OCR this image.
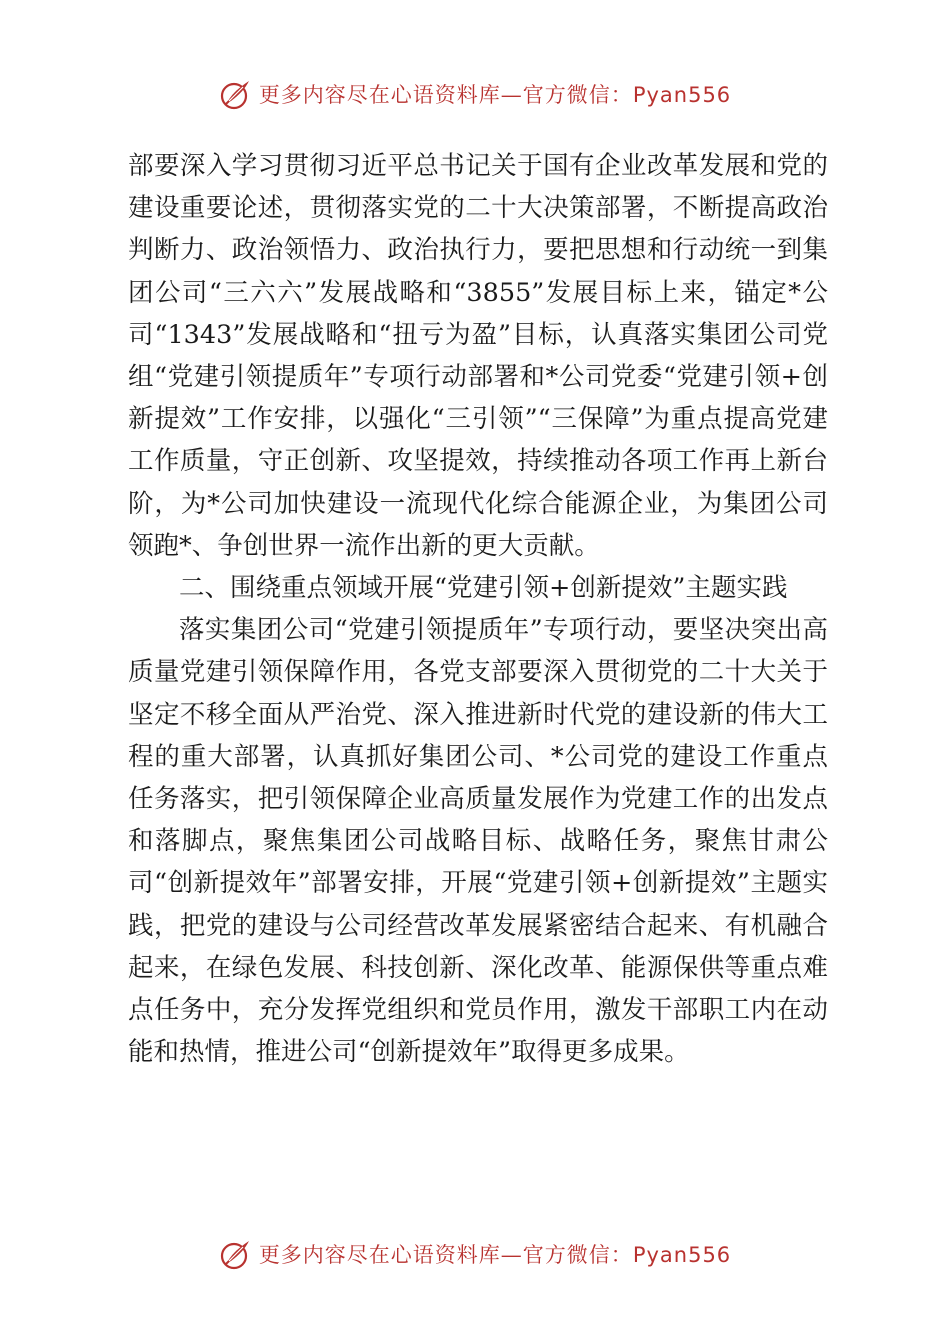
更多内容尽在心语资料库—官方微信：Pyan556

部要深入学习贯彻习近平总书记关于国有企业改革发展和党的建设重要论述，贯彻落实党的二十大决策部署，不断提高政治判断力、政治领悟力、政治执行力，要把思想和行动统一到集团公司“三六六”发展战略和“3855”发展目标上来，锚定*公 司“1343”发展战略和“扭亏为盈”目标，认真落实集团公司党组“党建引领提质年”专项行动部署和*公司党委“党建引领+创新提效”工作安排，以强化“三引领”“三保障”为重点提高党建工作质量，守正创新、攻坚提效，持续推动各项工作再上新台阶，为*公司加快建设一流现代化综合能源企业，为集团公司领跑*、争创世界一流作出新的更大贡献。

二、围绕重点领域开展“党建引领+创新提效”主题实践

落实集团公司“党建引领提质年”专项行动，要坚决突出高质量党建引领保障作用，各党支部要深入贯彻党的二十大关于坚定不移全面从严治党、深入推进新时代党的建设新的伟大工程的重大部署，认真抓好集团公司、*公司党的建设工作重点任务落实，把引领保障企业高质量发展作为党建工作的出发点和落脚点，聚焦集团公司战略目标、战略任务，聚焦甘肃公司“创新提效年”部署安排，开展“党建引领+创新提效”主题实践，把党的建设与公司经营改革发展紧密结合起来、有机融合起来，在绿色发展、科技创新、深化改革、能源保供等重点难点任务中，充分发挥党组织和党员作用，激发干部职工内在动能和热情，推进公司“创新提效年”取得更多成果。

更多内容尽在心语资料库—官方微信：Pyan556
